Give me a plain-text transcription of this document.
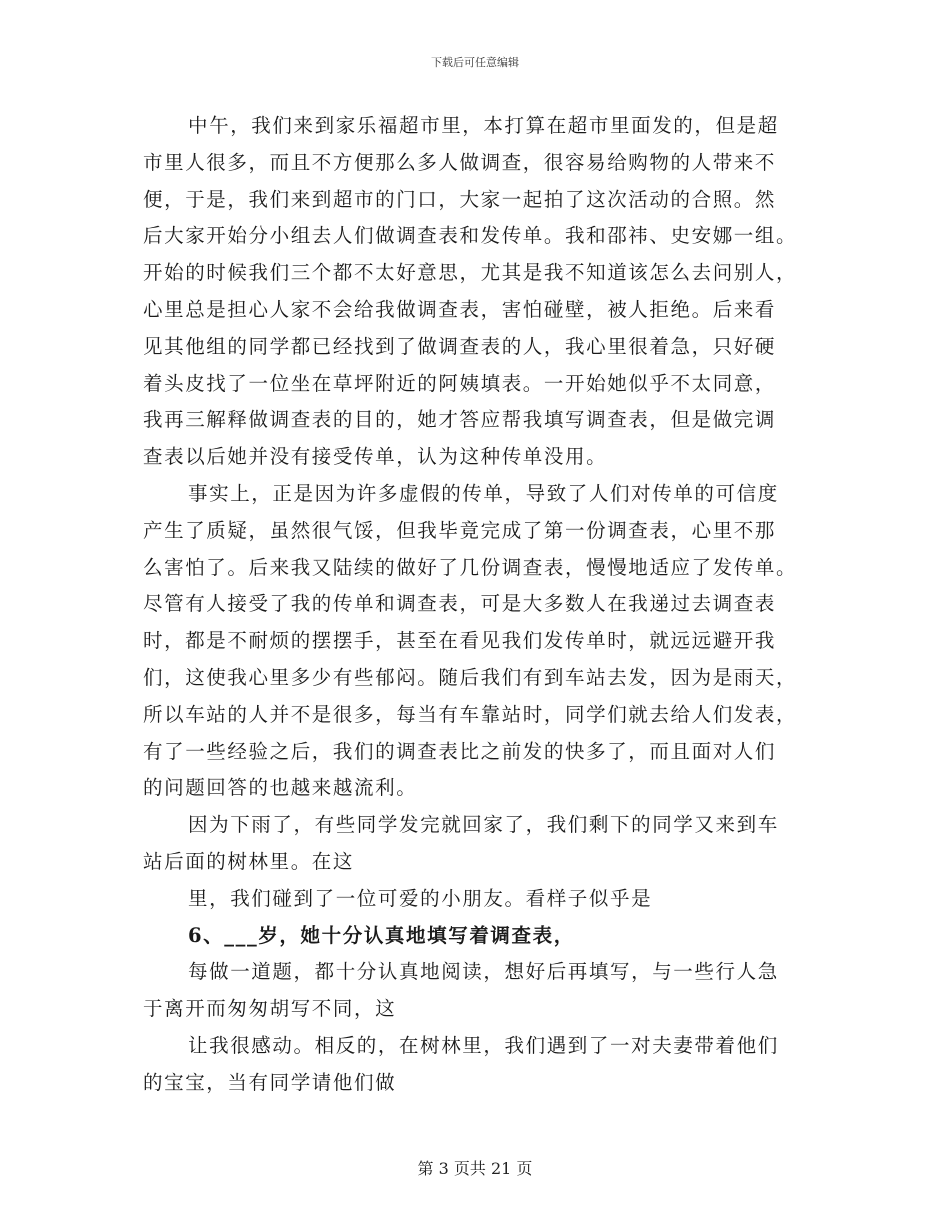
下载后可任意编辑
中午，我们来到家乐福超市里，本打算在超市里面发的，但是超
市里人很多，而且不方便那么多人做调查，很容易给购物的人带来不
便，于是，我们来到超市的门口，大家一起拍了这次活动的合照。然
后大家开始分小组去人们做调查表和发传单。我和邵祎、史安娜一组。
开始的时候我们三个都不太好意思，尤其是我不知道该怎么去问别人，
心里总是担心人家不会给我做调查表，害怕碰壁，被人拒绝。后来看
见其他组的同学都已经找到了做调查表的人，我心里很着急，只好硬
着头皮找了一位坐在草坪附近的阿姨填表。一开始她似乎不太同意，
我再三解释做调查表的目的，她才答应帮我填写调查表，但是做完调
查表以后她并没有接受传单，认为这种传单没用。
事实上，正是因为许多虚假的传单，导致了人们对传单的可信度
产生了质疑，虽然很气馁，但我毕竟完成了第一份调查表，心里不那
么害怕了。后来我又陆续的做好了几份调查表，慢慢地适应了发传单。
尽管有人接受了我的传单和调查表，可是大多数人在我递过去调查表
时，都是不耐烦的摆摆手，甚至在看见我们发传单时，就远远避开我
们，这使我心里多少有些郁闷。随后我们有到车站去发，因为是雨天，
所以车站的人并不是很多，每当有车靠站时，同学们就去给人们发表，
有了一些经验之后，我们的调查表比之前发的快多了，而且面对人们
的问题回答的也越来越流利。
因为下雨了，有些同学发完就回家了，我们剩下的同学又来到车
站后面的树林里。在这
里，我们碰到了一位可爱的小朋友。看样子似乎是
6、___岁，她十分认真地填写着调查表，
每做一道题，都十分认真地阅读，想好后再填写，与一些行人急
于离开而匆匆胡写不同，这
让我很感动。相反的，在树林里，我们遇到了一对夫妻带着他们
的宝宝，当有同学请他们做
第 3 页共 21 页
